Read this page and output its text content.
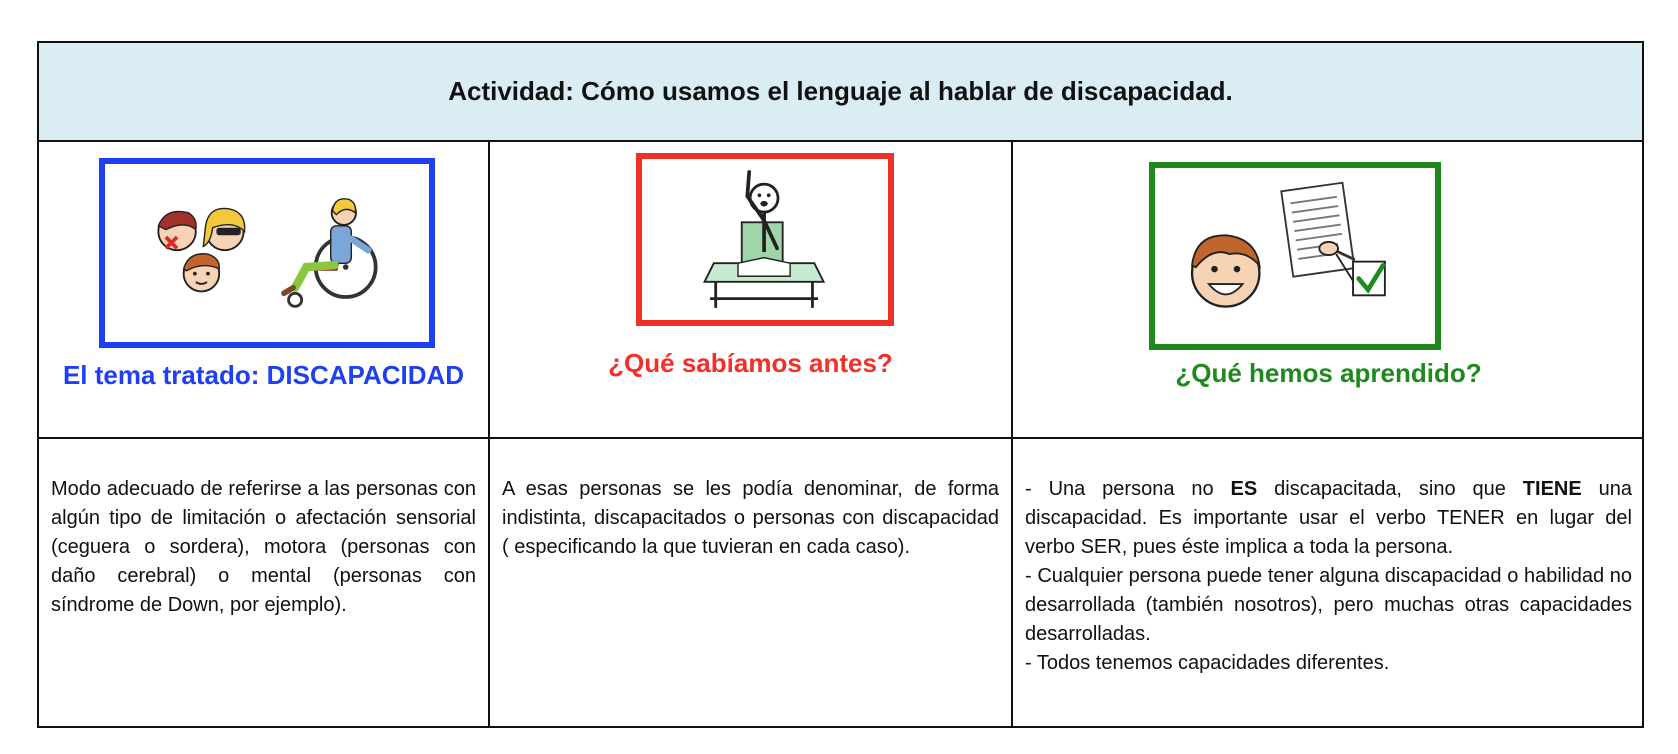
Actividad: Cómo usamos el lenguaje al hablar de discapacidad.
El tema tratado: DISCAPACIDAD	¿Qué sabíamos antes?	¿Qué hemos aprendido?

Modo adecuado de referirse a las personas con algún tipo de limitación o afectación sensorial (ceguera o sordera), motora (personas con daño cerebral) o mental (personas con síndrome de Down, por ejemplo).

A esas personas se les podía denominar, de forma indistinta, discapacitados o personas con discapacidad ( especificando la que tuvieran en cada caso).

- Una persona no ES discapacitada, sino que TIENE una discapacidad. Es importante usar el verbo TENER en lugar del verbo SER, pues éste implica a toda la persona.

- Cualquier persona puede tener alguna discapacidad o habilidad no desarrollada (también nosotros), pero muchas otras capacidades desarrolladas.

- Todos tenemos capacidades diferentes.
